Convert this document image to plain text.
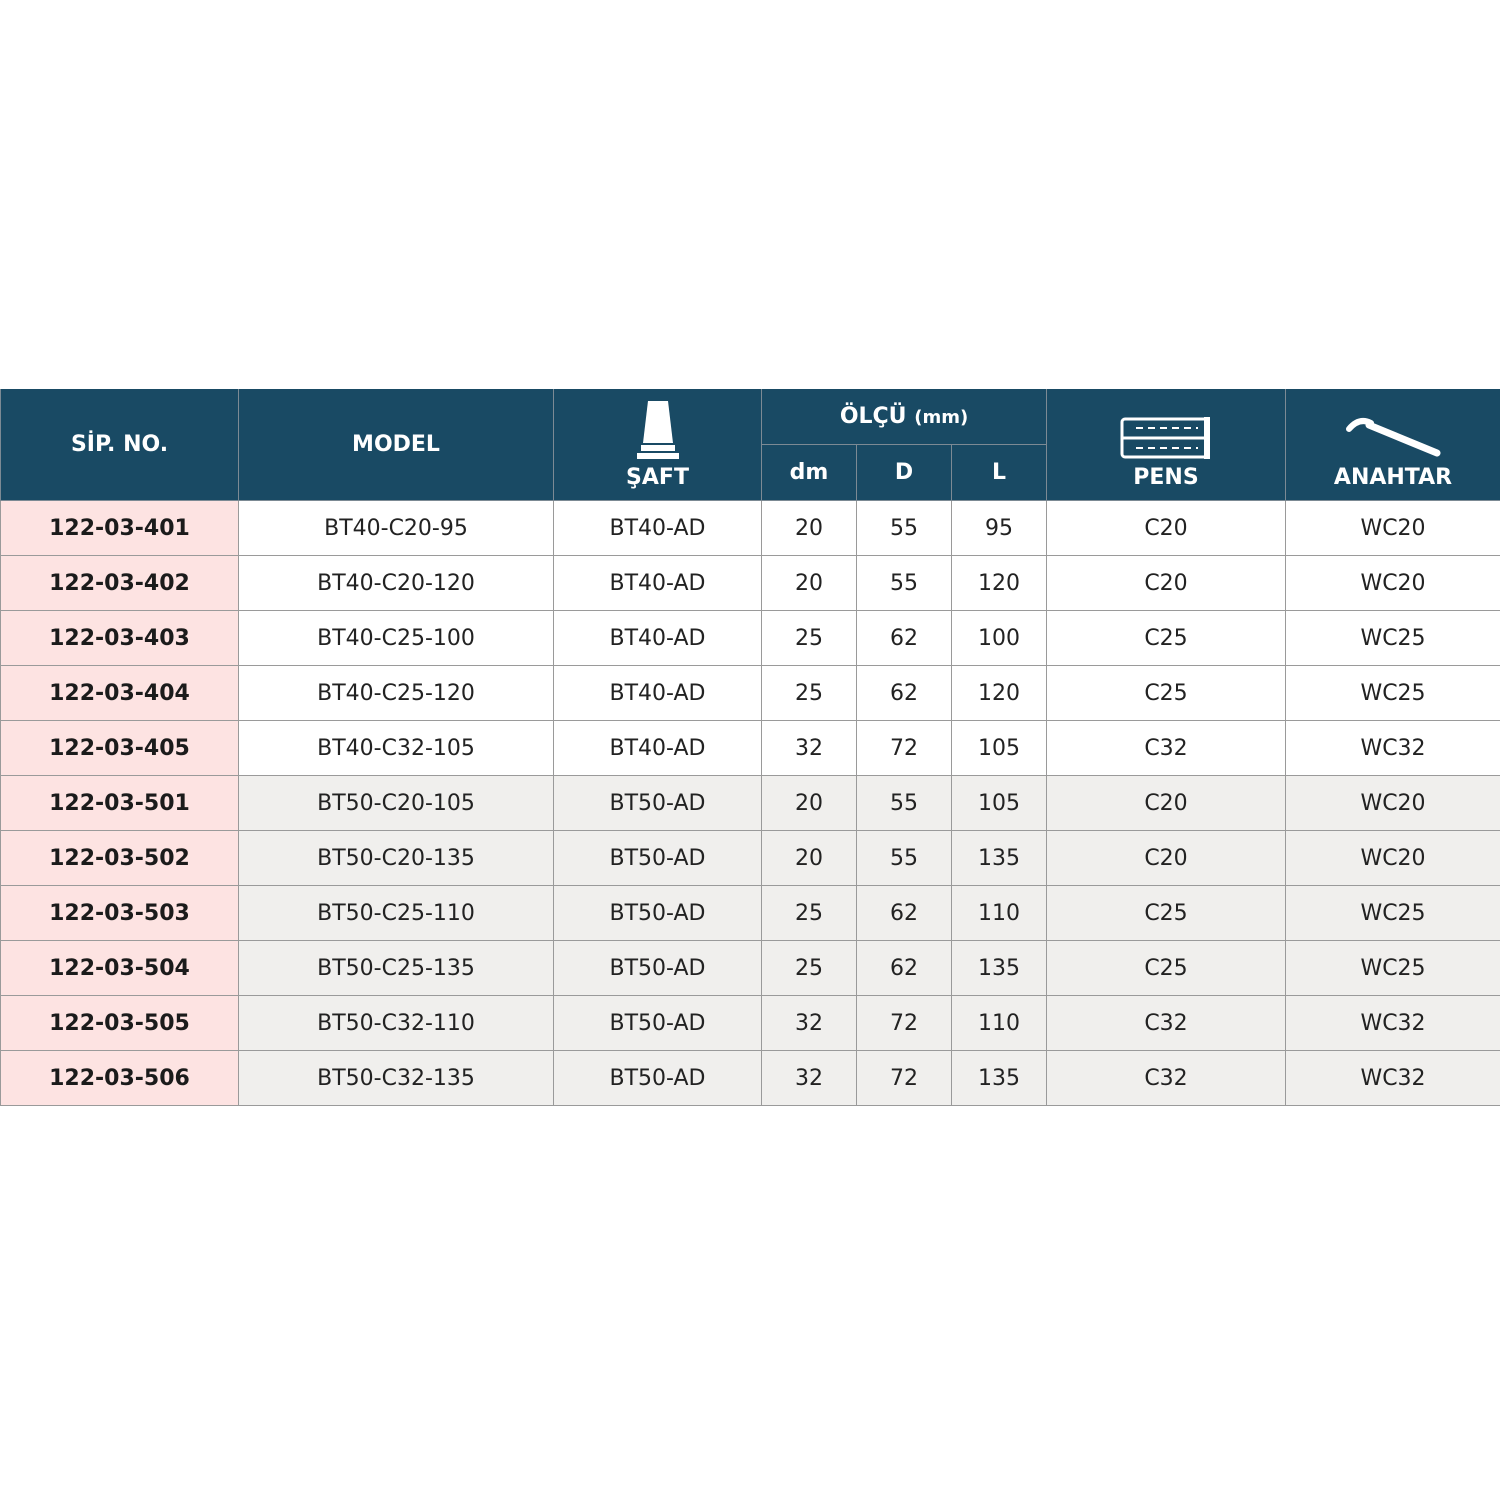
SİP. NO.	MODEL	ŞAFT	ÖLÇÜ (mm)			PENS	ANAHTAR
			dm	D	L		
122-03-401	BT40-C20-95	BT40-AD	20	55	95	C20	WC20
122-03-402	BT40-C20-120	BT40-AD	20	55	120	C20	WC20
122-03-403	BT40-C25-100	BT40-AD	25	62	100	C25	WC25
122-03-404	BT40-C25-120	BT40-AD	25	62	120	C25	WC25
122-03-405	BT40-C32-105	BT40-AD	32	72	105	C32	WC32
122-03-501	BT50-C20-105	BT50-AD	20	55	105	C20	WC20
122-03-502	BT50-C20-135	BT50-AD	20	55	135	C20	WC20
122-03-503	BT50-C25-110	BT50-AD	25	62	110	C25	WC25
122-03-504	BT50-C25-135	BT50-AD	25	62	135	C25	WC25
122-03-505	BT50-C32-110	BT50-AD	32	72	110	C32	WC32
122-03-506	BT50-C32-135	BT50-AD	32	72	135	C32	WC32
